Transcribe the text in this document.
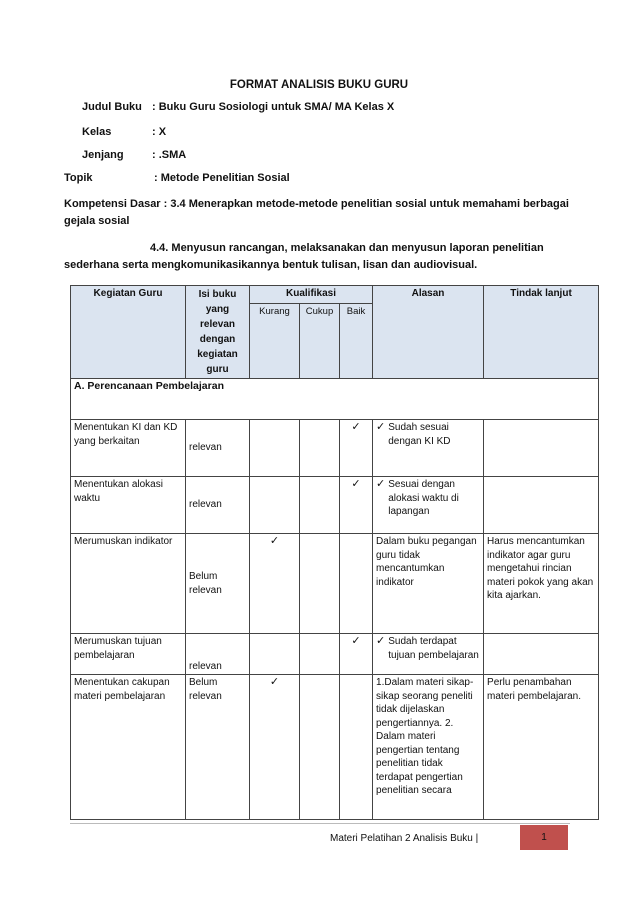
FORMAT ANALISIS BUKU GURU
Judul Buku : Buku Guru Sosiologi untuk SMA/ MA Kelas X
Kelas	: X
Jenjang	: .SMA
Topik	: Metode Penelitian Sosial
Kompetensi Dasar : 3.4 Menerapkan metode-metode penelitian sosial untuk memahami berbagai
gejala sosial
4.4. Menyusun rancangan, melaksanakan dan menyusun laporan penelitian
sederhana serta mengkomunikasikannya bentuk tulisan, lisan dan audiovisual.
Kegiatan Guru	Isi buku yang relevan dengan kegiatan guru	Kualifikasi			Alasan	Tindak lanjut
		Kurang	Cukup	Baik		
A. Perencanaan Pembelajaran						
Menentukan KI dan KD yang berkaitan	relevan			✓	✓ Sudah sesuai dengan KI KD	

Menentukan alokasi waktu	relevan			✓	✓ Sesuai dengan alokasi waktu di lapangan	

Merumuskan indikator	Belum relevan	✓			Dalam buku pegangan guru tidak mencantumkan indikator	Harus mencantumkan indikator agar guru mengetahui rincian materi pokok yang akan kita ajarkan.
Merumuskan tujuan pembelajaran	relevan			✓	✓ Sudah terdapat tujuan pembelajaran	

Menentukan cakupan materi pembelajaran	Belum relevan	✓			1.Dalam materi sikap-sikap seorang peneliti tidak dijelaskan pengertiannya. 2. Dalam materi pengertian tentang penelitian tidak terdapat pengertian penelitian secara	Perlu penambahan materi pembelajaran.
Materi Pelatihan 2 Analisis Buku |	1
